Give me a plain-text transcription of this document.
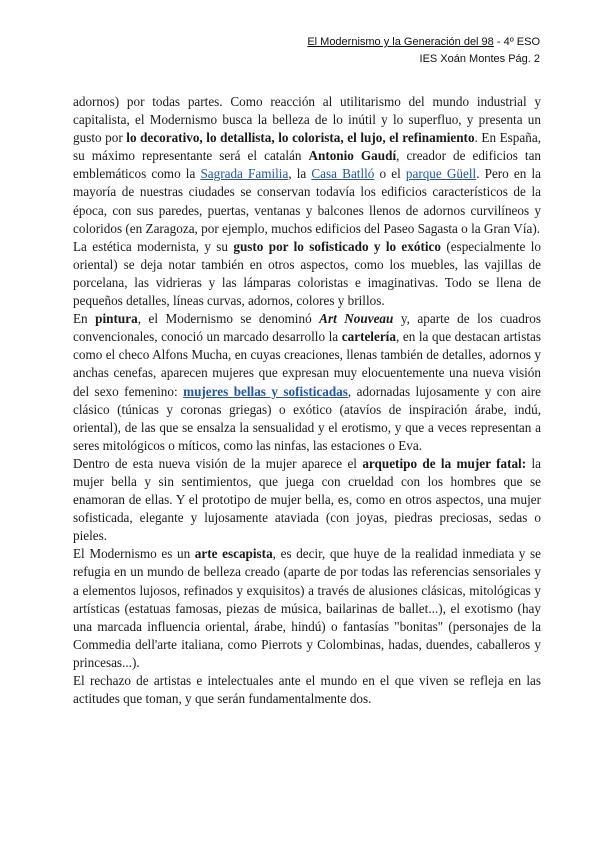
El Modernismo y la Generación del 98 - 4º ESO
IES Xoán Montes Pág. 2

adornos) por todas partes. Como reacción al utilitarismo del mundo industrial y capitalista, el Modernismo busca la belleza de lo inútil y lo superfluo, y presenta un gusto por lo decorativo, lo detallista, lo colorista, el lujo, el refinamiento. En España, su máximo representante será el catalán Antonio Gaudí, creador de edificios tan emblemáticos como la Sagrada Familia, la Casa Batlló o el parque Güell. Pero en la mayoría de nuestras ciudades se conservan todavía los edificios característicos de la época, con sus paredes, puertas, ventanas y balcones llenos de adornos curvilíneos y coloridos (en Zaragoza, por ejemplo, muchos edificios del Paseo Sagasta o la Gran Vía).

La estética modernista, y su gusto por lo sofisticado y lo exótico (especialmente lo oriental) se deja notar también en otros aspectos, como los muebles, las vajillas de porcelana, las vidrieras y las lámparas coloristas e imaginativas. Todo se llena de pequeños detalles, líneas curvas, adornos, colores y brillos.

En pintura, el Modernismo se denominó Art Nouveau y, aparte de los cuadros convencionales, conoció un marcado desarrollo la cartelería, en la que destacan artistas como el checo Alfons Mucha, en cuyas creaciones, llenas también de detalles, adornos y anchas cenefas, aparecen mujeres que expresan muy elocuentemente una nueva visión del sexo femenino: mujeres bellas y sofisticadas, adornadas lujosamente y con aire clásico (túnicas y coronas griegas) o exótico (atavíos de inspiración árabe, indú, oriental), de las que se ensalza la sensualidad y el erotismo, y que a veces representan a seres mitológicos o míticos, como las ninfas, las estaciones o Eva.

Dentro de esta nueva visión de la mujer aparece el arquetipo de la mujer fatal: la mujer bella y sin sentimientos, que juega con crueldad con los hombres que se enamoran de ellas. Y el prototipo de mujer bella, es, como en otros aspectos, una mujer sofisticada, elegante y lujosamente ataviada (con joyas, piedras preciosas, sedas o pieles.

El Modernismo es un arte escapista, es decir, que huye de la realidad inmediata y se refugia en un mundo de belleza creado (aparte de por todas las referencias sensoriales y a elementos lujosos, refinados y exquisitos) a través de alusiones clásicas, mitológicas y artísticas (estatuas famosas, piezas de música, bailarinas de ballet...), el exotismo (hay una marcada influencia oriental, árabe, hindú) o fantasías "bonitas" (personajes de la Commedia dell'arte italiana, como Pierrots y Colombinas, hadas, duendes, caballeros y princesas...).

El rechazo de artistas e intelectuales ante el mundo en el que viven se refleja en las actitudes que toman, y que serán fundamentalmente dos.
